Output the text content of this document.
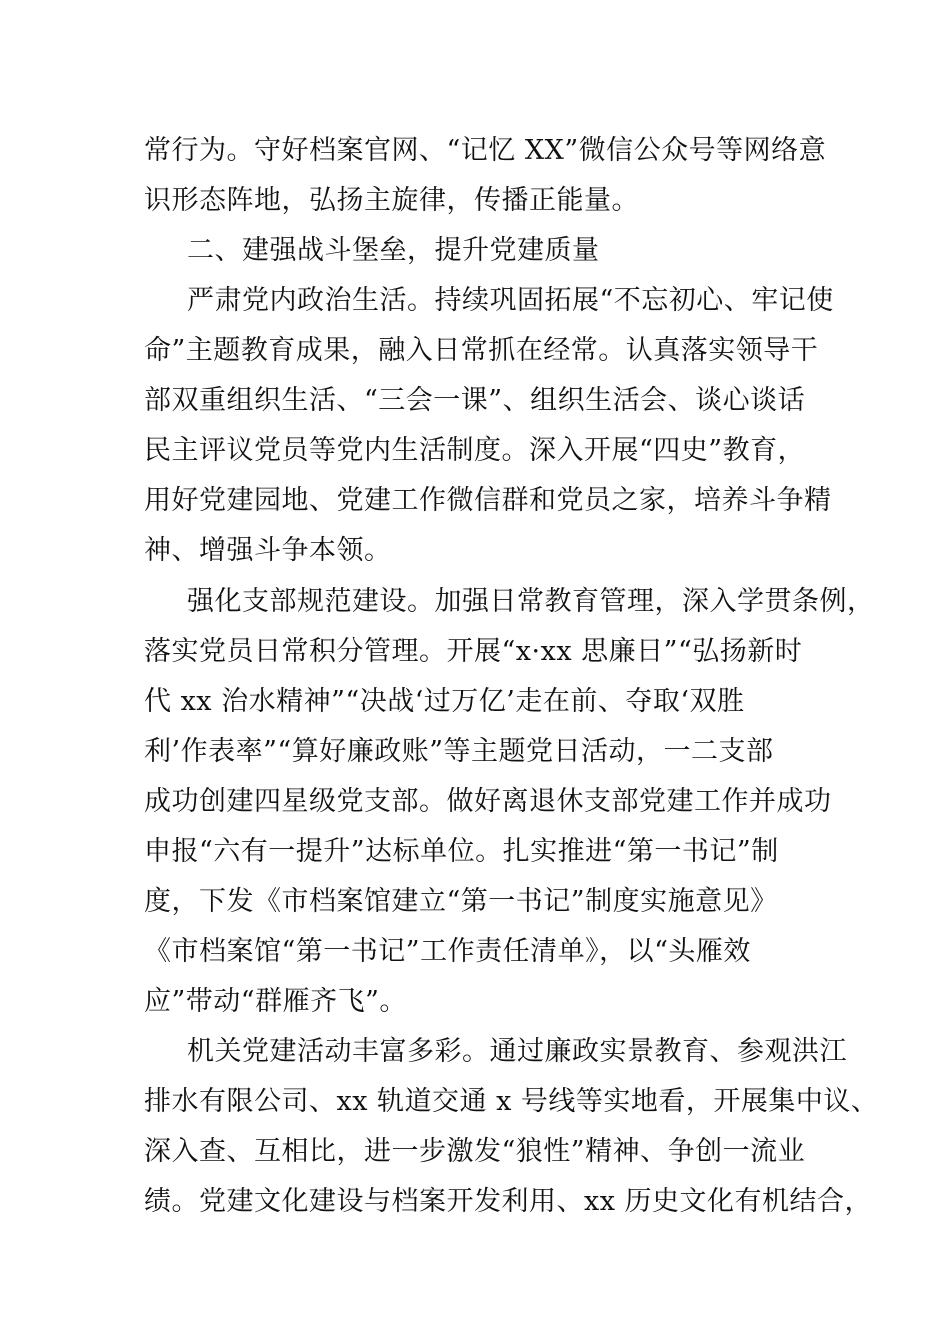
常行为。守好档案官网、“记忆 XX”微信公众号等网络意

识形态阵地，弘扬主旋律，传播正能量。

二、建强战斗堡垒，提升党建质量

严肃党内政治生活。持续巩固拓展“不忘初心、牢记使

命”主题教育成果，融入日常抓在经常。认真落实领导干

部双重组织生活、“三会一课”、组织生活会、谈心谈话

民主评议党员等党内生活制度。深入开展“四史”教育，

用好党建园地、党建工作微信群和党员之家，培养斗争精

神、增强斗争本领。

强化支部规范建设。加强日常教育管理，深入学贯条例，

落实党员日常积分管理。开展“x·xx 思廉日”“弘扬新时

代 xx 治水精神”“决战‘过万亿’走在前、夺取‘双胜

利’作表率”“算好廉政账”等主题党日活动，一二支部

成功创建四星级党支部。做好离退休支部党建工作并成功

申报“六有一提升”达标单位。扎实推进“第一书记”制

度，下发《市档案馆建立“第一书记”制度实施意见》

《市档案馆“第一书记”工作责任清单》，以“头雁效

应”带动“群雁齐飞”。

机关党建活动丰富多彩。通过廉政实景教育、参观洪江

排水有限公司、xx 轨道交通 x 号线等实地看，开展集中议、

深入查、互相比，进一步激发“狼性”精神、争创一流业

绩。党建文化建设与档案开发利用、xx 历史文化有机结合，
